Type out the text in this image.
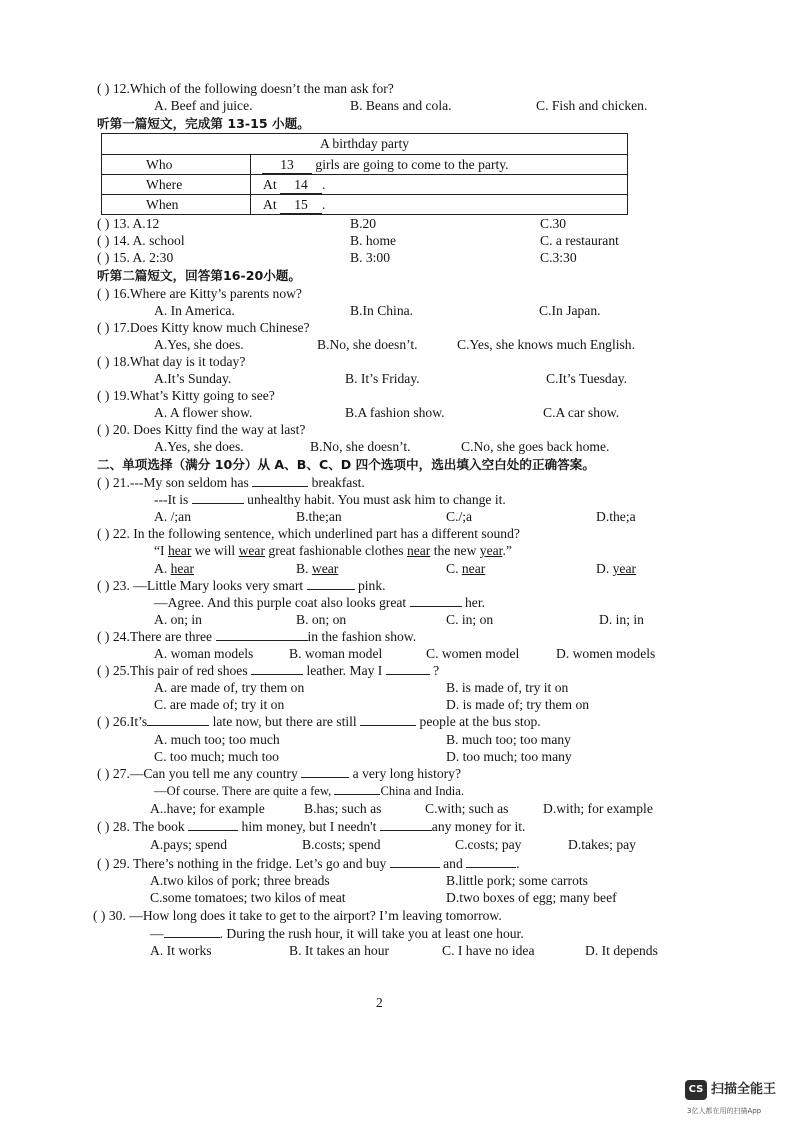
( ) 12.Which of the following doesn’t the man ask for?
A. Beef and juice.	B. Beans and cola.	C. Fish and chicken.
听第一篇短文，完成第 13-15 小题。
A birthday party
Who	13 girls are going to come to the party.
Where	At 14 .
When	At 15 .
( ) 13. A.12	B.20	C.30
( ) 14. A. school	B. home	C. a restaurant
( ) 15. A. 2:30	B. 3:00	C.3:30
听第二篇短文，回答第16-20小题。
( ) 16.Where are Kitty’s parents now?
A. In America.	B.In China.	C.In Japan.
( ) 17.Does Kitty know much Chinese?
A.Yes, she does.	B.No, she doesn’t.	C.Yes, she knows much English.
( ) 18.What day is it today?
A.It’s Sunday.	B. It’s Friday.	C.It’s Tuesday.
( ) 19.What’s Kitty going to see?
A. A flower show.	B.A fashion show.	C.A car show.
( ) 20. Does Kitty find the way at last?
A.Yes, she does.	B.No, she doesn’t.	C.No, she goes back home.
二、单项选择（满分 10分）从 A、B、C、D 四个选项中，选出填入空白处的正确答案。
( ) 21.---My son seldom has	breakfast.
---It is	unhealthy habit. You must ask him to change it.
A. /;an	B.the;an	C./;a	D.the;a
( ) 22. In the following sentence, which underlined part has a different sound?
“I hear we will wear great fashionable clothes near the new year.”
A. hear	B. wear	C. near	D. year
( ) 23. —Little Mary looks very smart	pink.
—Agree. And this purple coat also looks great	her.
A. on; in	B. on; on	C. in; on	D. in; in
( ) 24.There are three	in the fashion show.
A. woman models	B. woman model	C. women model	D. women models
( ) 25.This pair of red shoes	leather. May I	?
A. are made of, try them on	B. is made of, try it on
C. are made of; try it on	D. is made of; try them on
( ) 26.It’s	late now, but there are still	people at the bus stop.
A. much too; too much	B. much too; too many
C. too much; much too	D. too much; too many
( ) 27.—Can you tell me any country	a very long history?
—Of course. There are quite a few,	China and India.
A..have; for example	B.has; such as	C.with; such as	D.with; for example
( ) 28. The book	him money, but I needn't	any money for it.
A.pays; spend	B.costs; spend	C.costs; pay	D.takes; pay
( ) 29. There’s nothing in the fridge. Let’s go and buy	and	.
A.two kilos of pork; three breads	B.little pork; some carrots
C.some tomatoes; two kilos of meat	D.two boxes of egg; many beef
( ) 30. —How long does it take to get to the airport? I’m leaving tomorrow.
—	. During the rush hour, it will take you at least one hour.
A. It works	B. It takes an hour	C. I have no idea	D. It depends
2
CS 扫描全能王
3亿人都在用的扫描App
